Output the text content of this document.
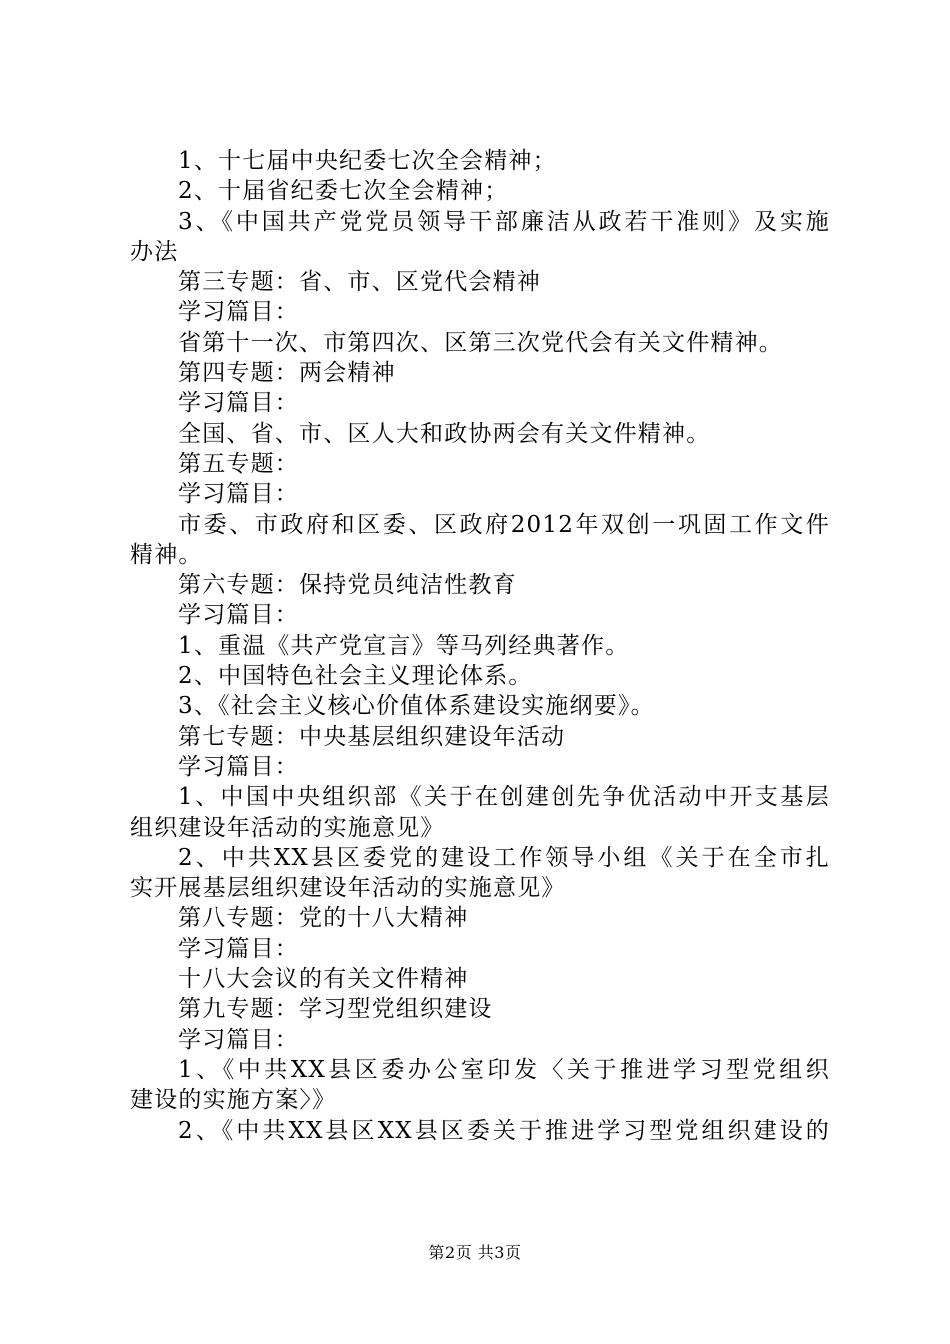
1、十七届中央纪委七次全会精神；
2、十届省纪委七次全会精神；
3、《中国共产党党员领导干部廉洁从政若干准则》及实施
办法
第三专题：省、市、区党代会精神
学习篇目：
省第十一次、市第四次、区第三次党代会有关文件精神。
第四专题：两会精神
学习篇目：
全国、省、市、区人大和政协两会有关文件精神。
第五专题：
学习篇目：
市委、市政府和区委、区政府2012年双创一巩固工作文件
精神。
第六专题：保持党员纯洁性教育
学习篇目：
1、重温《共产党宣言》等马列经典著作。
2、中国特色社会主义理论体系。
3、《社会主义核心价值体系建设实施纲要》。
第七专题：中央基层组织建设年活动
学习篇目：
1、中国中央组织部《关于在创建创先争优活动中开支基层
组织建设年活动的实施意见》
2、中共XX县区委党的建设工作领导小组《关于在全市扎
实开展基层组织建设年活动的实施意见》
第八专题：党的十八大精神
学习篇目：
十八大会议的有关文件精神
第九专题：学习型党组织建设
学习篇目：
1、《中共XX县区委办公室印发〈关于推进学习型党组织
建设的实施方案〉》
2、《中共XX县区XX县区委关于推进学习型党组织建设的
第2页 共3页
